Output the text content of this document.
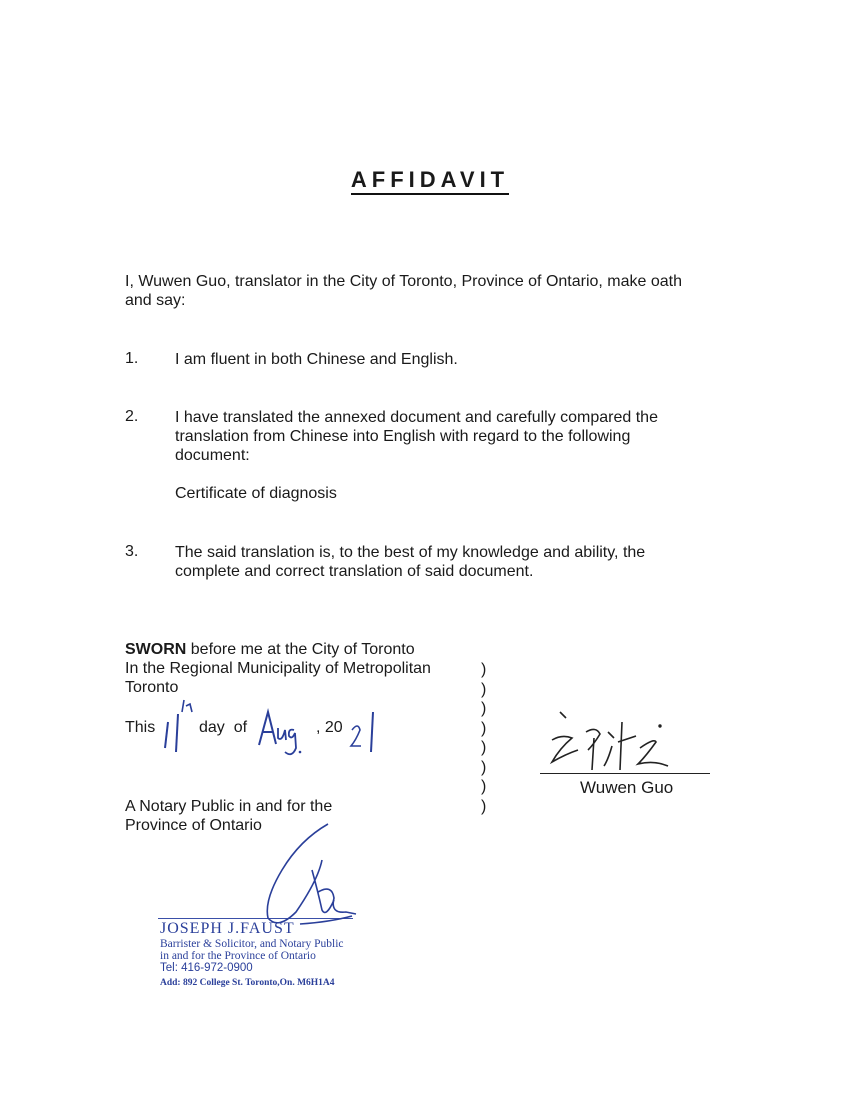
AFFIDAVIT
I, Wuwen Guo, translator in the City of Toronto, Province of Ontario, make oath
and say:
1. I am fluent in both Chinese and English.
2. I have translated the annexed document and carefully compared the
translation from Chinese into English with regard to the following
document:
Certificate of diagnosis
3. The said translation is, to the best of my knowledge and ability, the
complete and correct translation of said document.
SWORN before me at the City of Toronto
In the Regional Municipality of Metropolitan
Toronto
This	day  of	, 20
A Notary Public in and for the
Province of Ontario
)
)
)
)
)
)
)
)
Wuwen Guo
JOSEPH J.FAUST
Barrister & Solicitor, and Notary Public
in and for the Province of Ontario
Tel: 416-972-0900
Add: 892 College St. Toronto,On. M6H1A4
